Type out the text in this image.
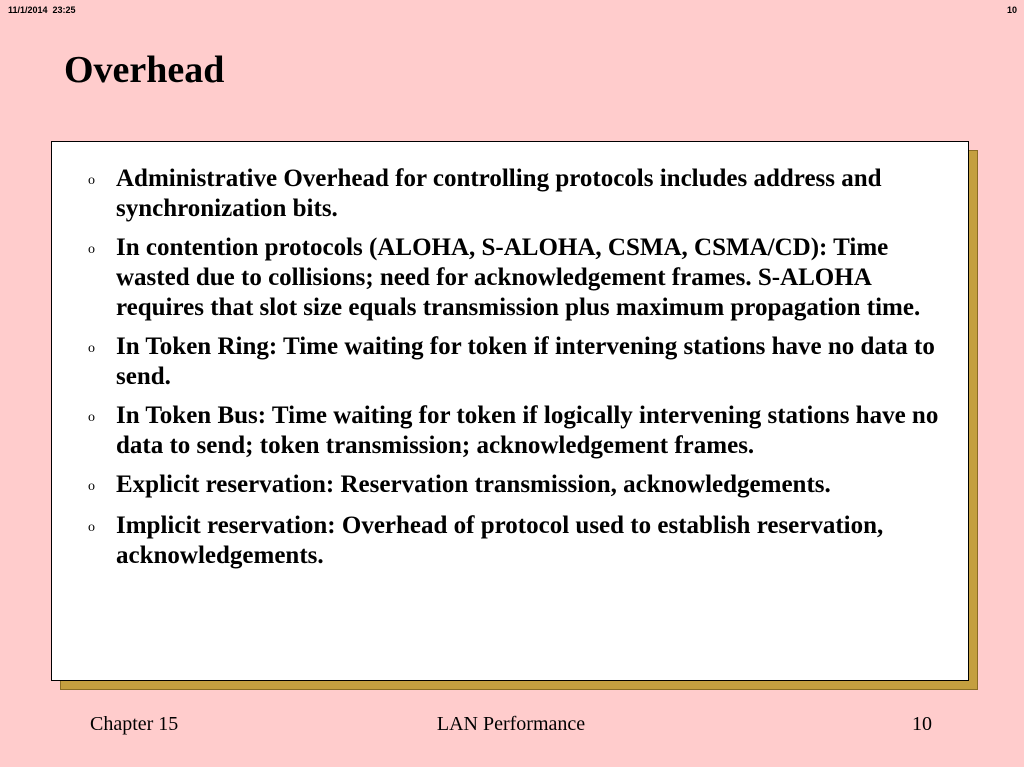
11/1/2014  23:25	10
Overhead
o Administrative Overhead for controlling protocols includes address and synchronization bits.
o In contention protocols (ALOHA, S-ALOHA, CSMA, CSMA/CD): Time wasted due to collisions; need for acknowledgement frames. S-ALOHA requires that slot size equals transmission plus maximum propagation time.
o In Token Ring: Time waiting for token if intervening stations have no data to send.
o In Token Bus: Time waiting for token if logically intervening stations have no data to send; token transmission; acknowledgement frames.
o Explicit reservation: Reservation transmission, acknowledgements.
o Implicit reservation: Overhead of protocol used to establish reservation, acknowledgements.
Chapter 15	LAN Performance	10
